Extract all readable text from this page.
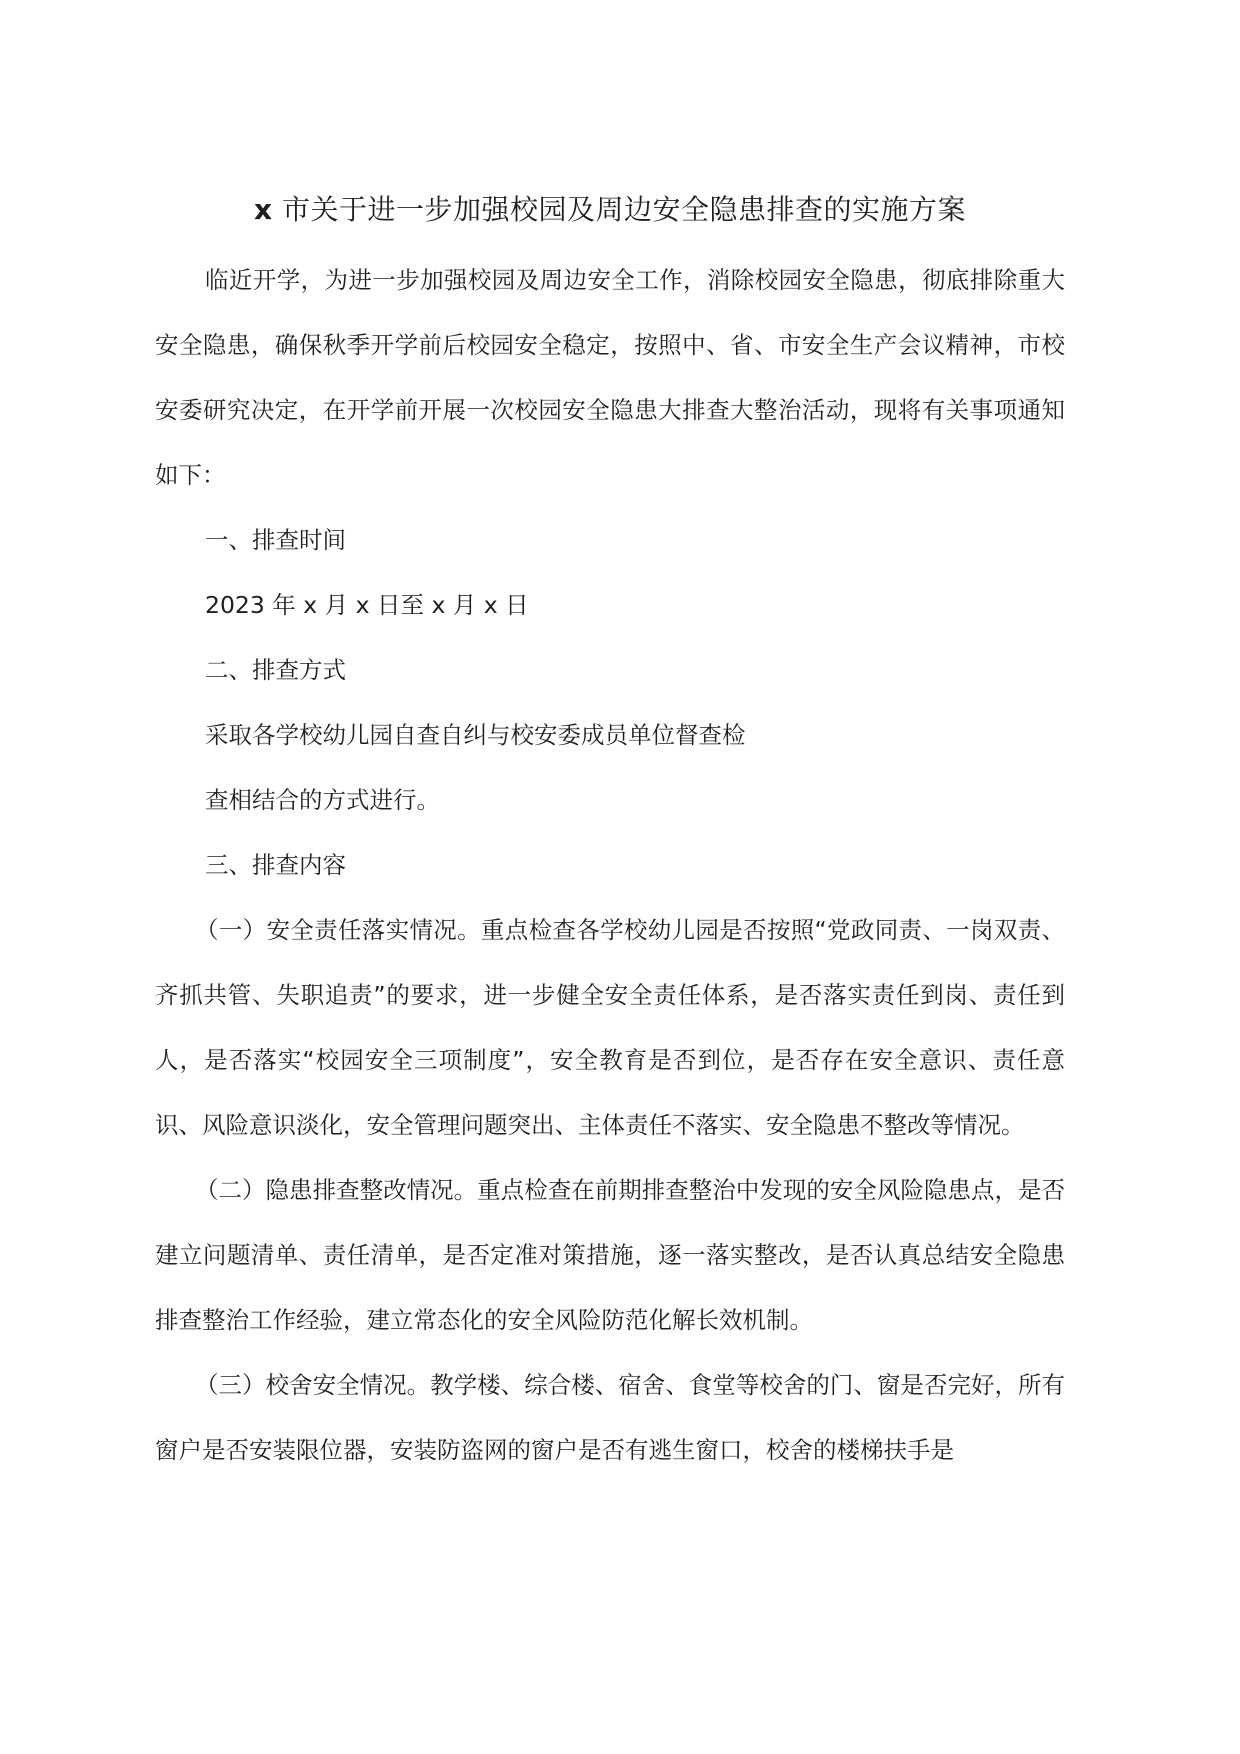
x 市关于进一步加强校园及周边安全隐患排查的实施方案

临近开学，为进一步加强校园及周边安全工作，消除校园安全隐患，彻底排除重大安全隐患，确保秋季开学前后校园安全稳定，按照中、省、市安全生产会议精神，市校安委研究决定，在开学前开展一次校园安全隐患大排查大整治活动，现将有关事项通知如下：

一、排查时间

2023 年 x 月 x 日至 x 月 x 日

二、排查方式

采取各学校幼儿园自查自纠与校安委成员单位督查检

查相结合的方式进行。

三、排查内容

（一）安全责任落实情况。重点检查各学校幼儿园是否按照“党政同责、一岗双责、齐抓共管、失职追责”的要求，进一步健全安全责任体系，是否落实责任到岗、责任到人，是否落实“校园安全三项制度”，安全教育是否到位，是否存在安全意识、责任意识、风险意识淡化，安全管理问题突出、主体责任不落实、安全隐患不整改等情况。

（二）隐患排查整改情况。重点检查在前期排查整治中发现的安全风险隐患点，是否建立问题清单、责任清单，是否定准对策措施，逐一落实整改，是否认真总结安全隐患排查整治工作经验，建立常态化的安全风险防范化解长效机制。

（三）校舍安全情况。教学楼、综合楼、宿舍、食堂等校舍的门、窗是否完好，所有窗户是否安装限位器，安装防盗网的窗户是否有逃生窗口，校舍的楼梯扶手是
